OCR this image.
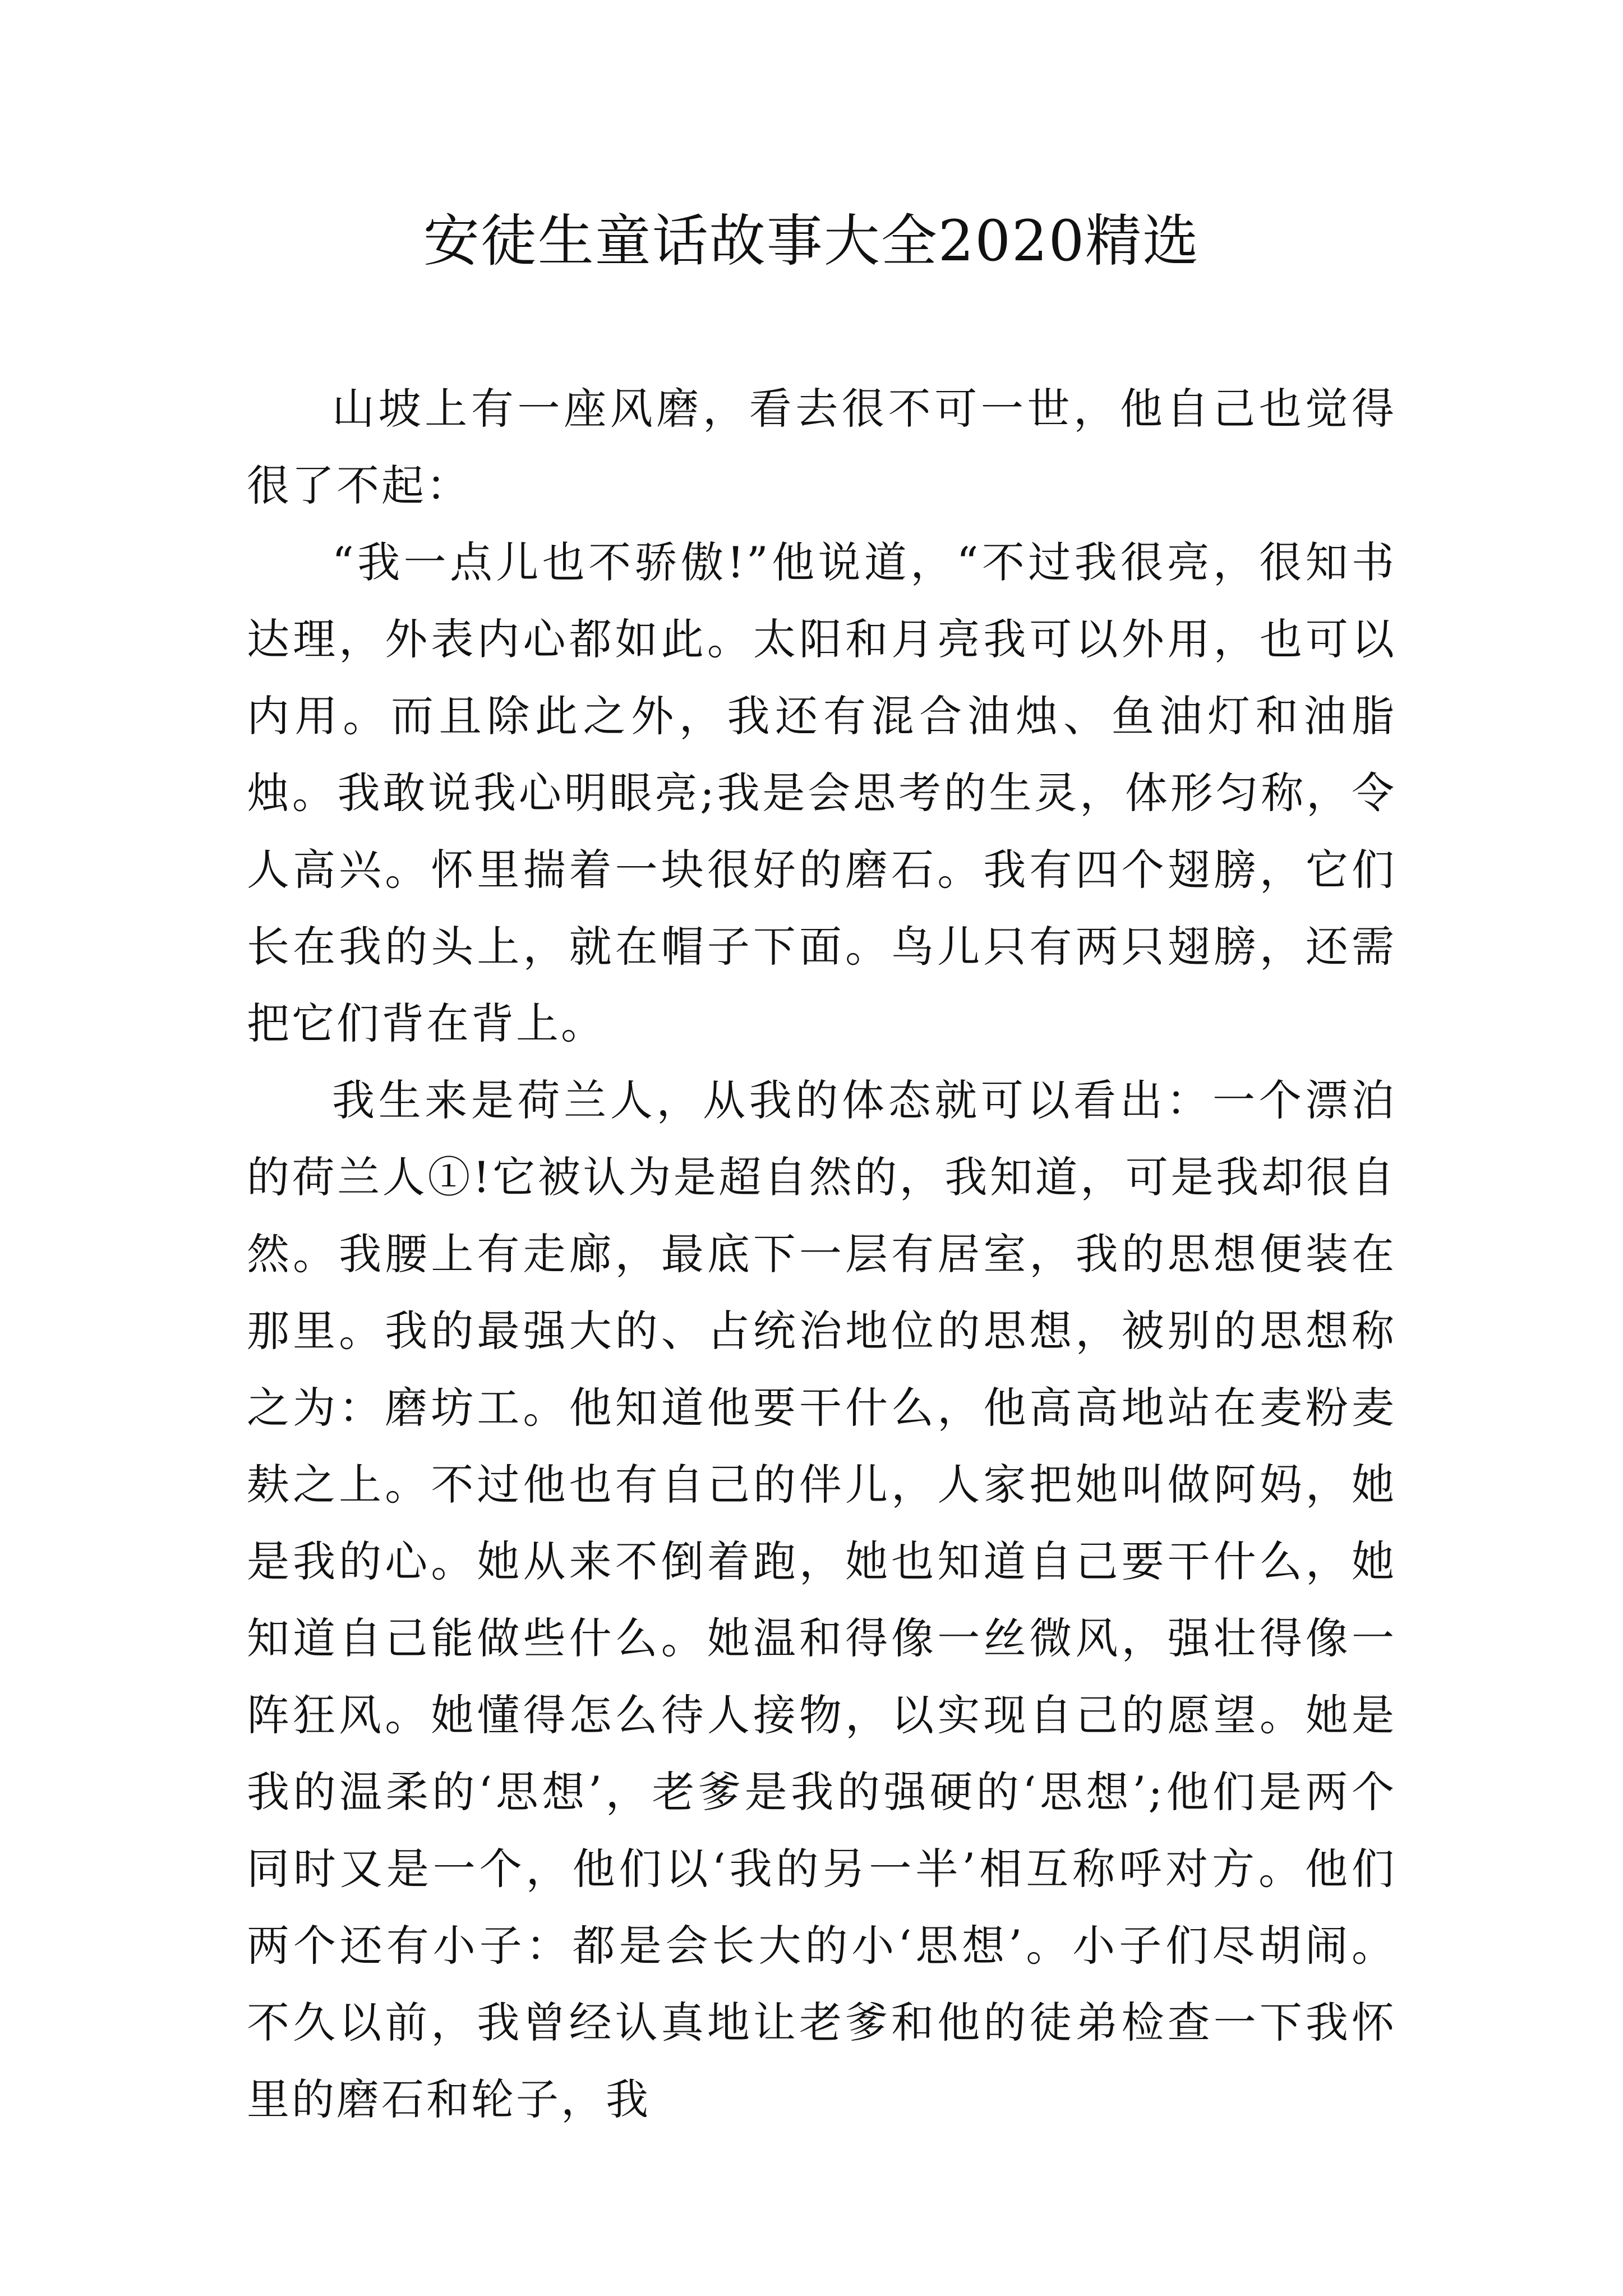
安徒生童话故事大全2020精选

山坡上有一座风磨，看去很不可一世，他自己也觉得很了不起：

“我一点儿也不骄傲!”他说道，“不过我很亮，很知书达理，外表内心都如此。太阳和月亮我可以外用，也可以内用。而且除此之外，我还有混合油烛、鱼油灯和油脂烛。我敢说我心明眼亮;我是会思考的生灵，体形匀称，令人高兴。怀里揣着一块很好的磨石。我有四个翅膀，它们长在我的头上，就在帽子下面。鸟儿只有两只翅膀，还需把它们背在背上。

我生来是荷兰人，从我的体态就可以看出：一个漂泊的荷兰人①!它被认为是超自然的，我知道，可是我却很自然。我腰上有走廊，最底下一层有居室，我的思想便装在那里。我的最强大的、占统治地位的思想，被别的思想称之为：磨坊工。他知道他要干什么，他高高地站在麦粉麦麸之上。不过他也有自己的伴儿，人家把她叫做阿妈，她是我的心。她从来不倒着跑，她也知道自己要干什么，她知道自己能做些什么。她温和得像一丝微风，强壮得像一阵狂风。她懂得怎么待人接物，以实现自己的愿望。她是我的温柔的‘思想’，老爹是我的强硬的‘思想’;他们是两个同时又是一个，他们以‘我的另一半’相互称呼对方。他们两个还有小子：都是会长大的小‘思想’。小子们尽胡闹。不久以前，我曾经认真地让老爹和他的徒弟检查一下我怀里的磨石和轮子，我
